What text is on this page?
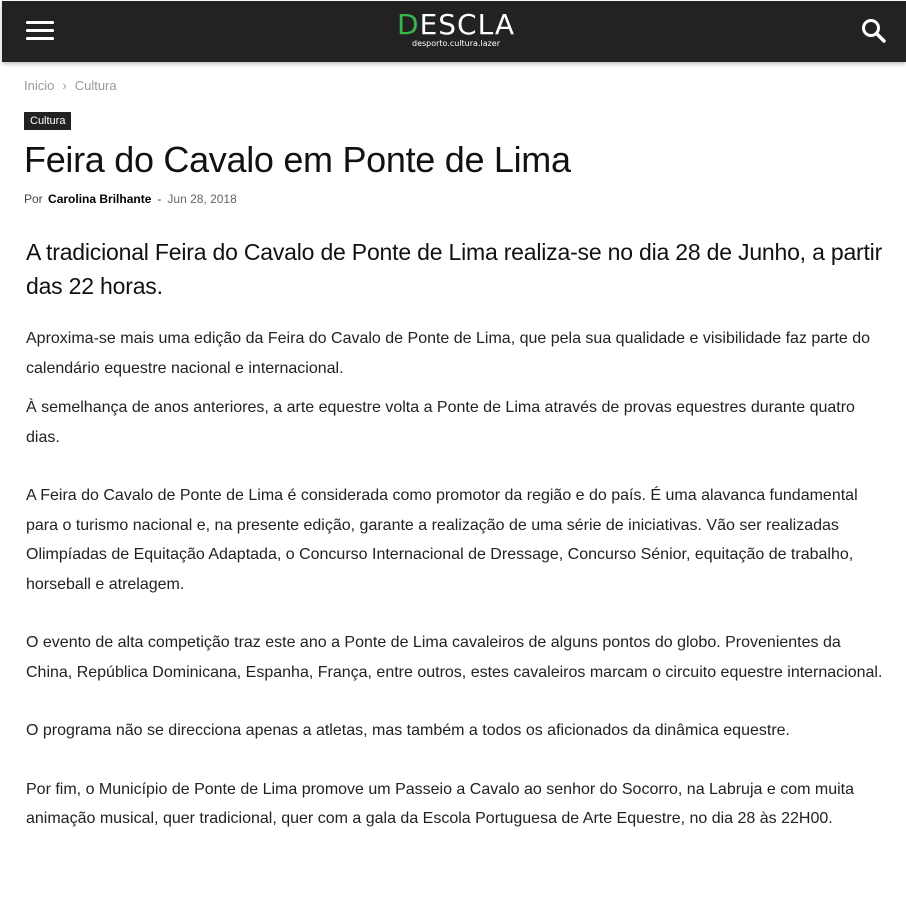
DESCLA
desporto.cultura.lazer
Inicio › Cultura
Cultura
Feira do Cavalo em Ponte de Lima
Por Carolina Brilhante - Jun 28, 2018

A tradicional Feira do Cavalo de Ponte de Lima realiza-se no dia 28 de Junho, a partir das 22 horas.

Aproxima-se mais uma edição da Feira do Cavalo de Ponte de Lima, que pela sua qualidade e visibilidade faz parte do calendário equestre nacional e internacional.

À semelhança de anos anteriores, a arte equestre volta a Ponte de Lima através de provas equestres durante quatro dias.

A Feira do Cavalo de Ponte de Lima é considerada como promotor da região e do país. É uma alavanca fundamental para o turismo nacional e, na presente edição, garante a realização de uma série de iniciativas. Vão ser realizadas Olimpíadas de Equitação Adaptada, o Concurso Internacional de Dressage, Concurso Sénior, equitação de trabalho, horseball e atrelagem.

O evento de alta competição traz este ano a Ponte de Lima cavaleiros de alguns pontos do globo. Provenientes da China, República Dominicana, Espanha, França, entre outros, estes cavaleiros marcam o circuito equestre internacional.

O programa não se direcciona apenas a atletas, mas também a todos os aficionados da dinâmica equestre.

Por fim, o Município de Ponte de Lima promove um Passeio a Cavalo ao senhor do Socorro, na Labruja e com muita animação musical, quer tradicional, quer com a gala da Escola Portuguesa de Arte Equestre, no dia 28 às 22H00.
